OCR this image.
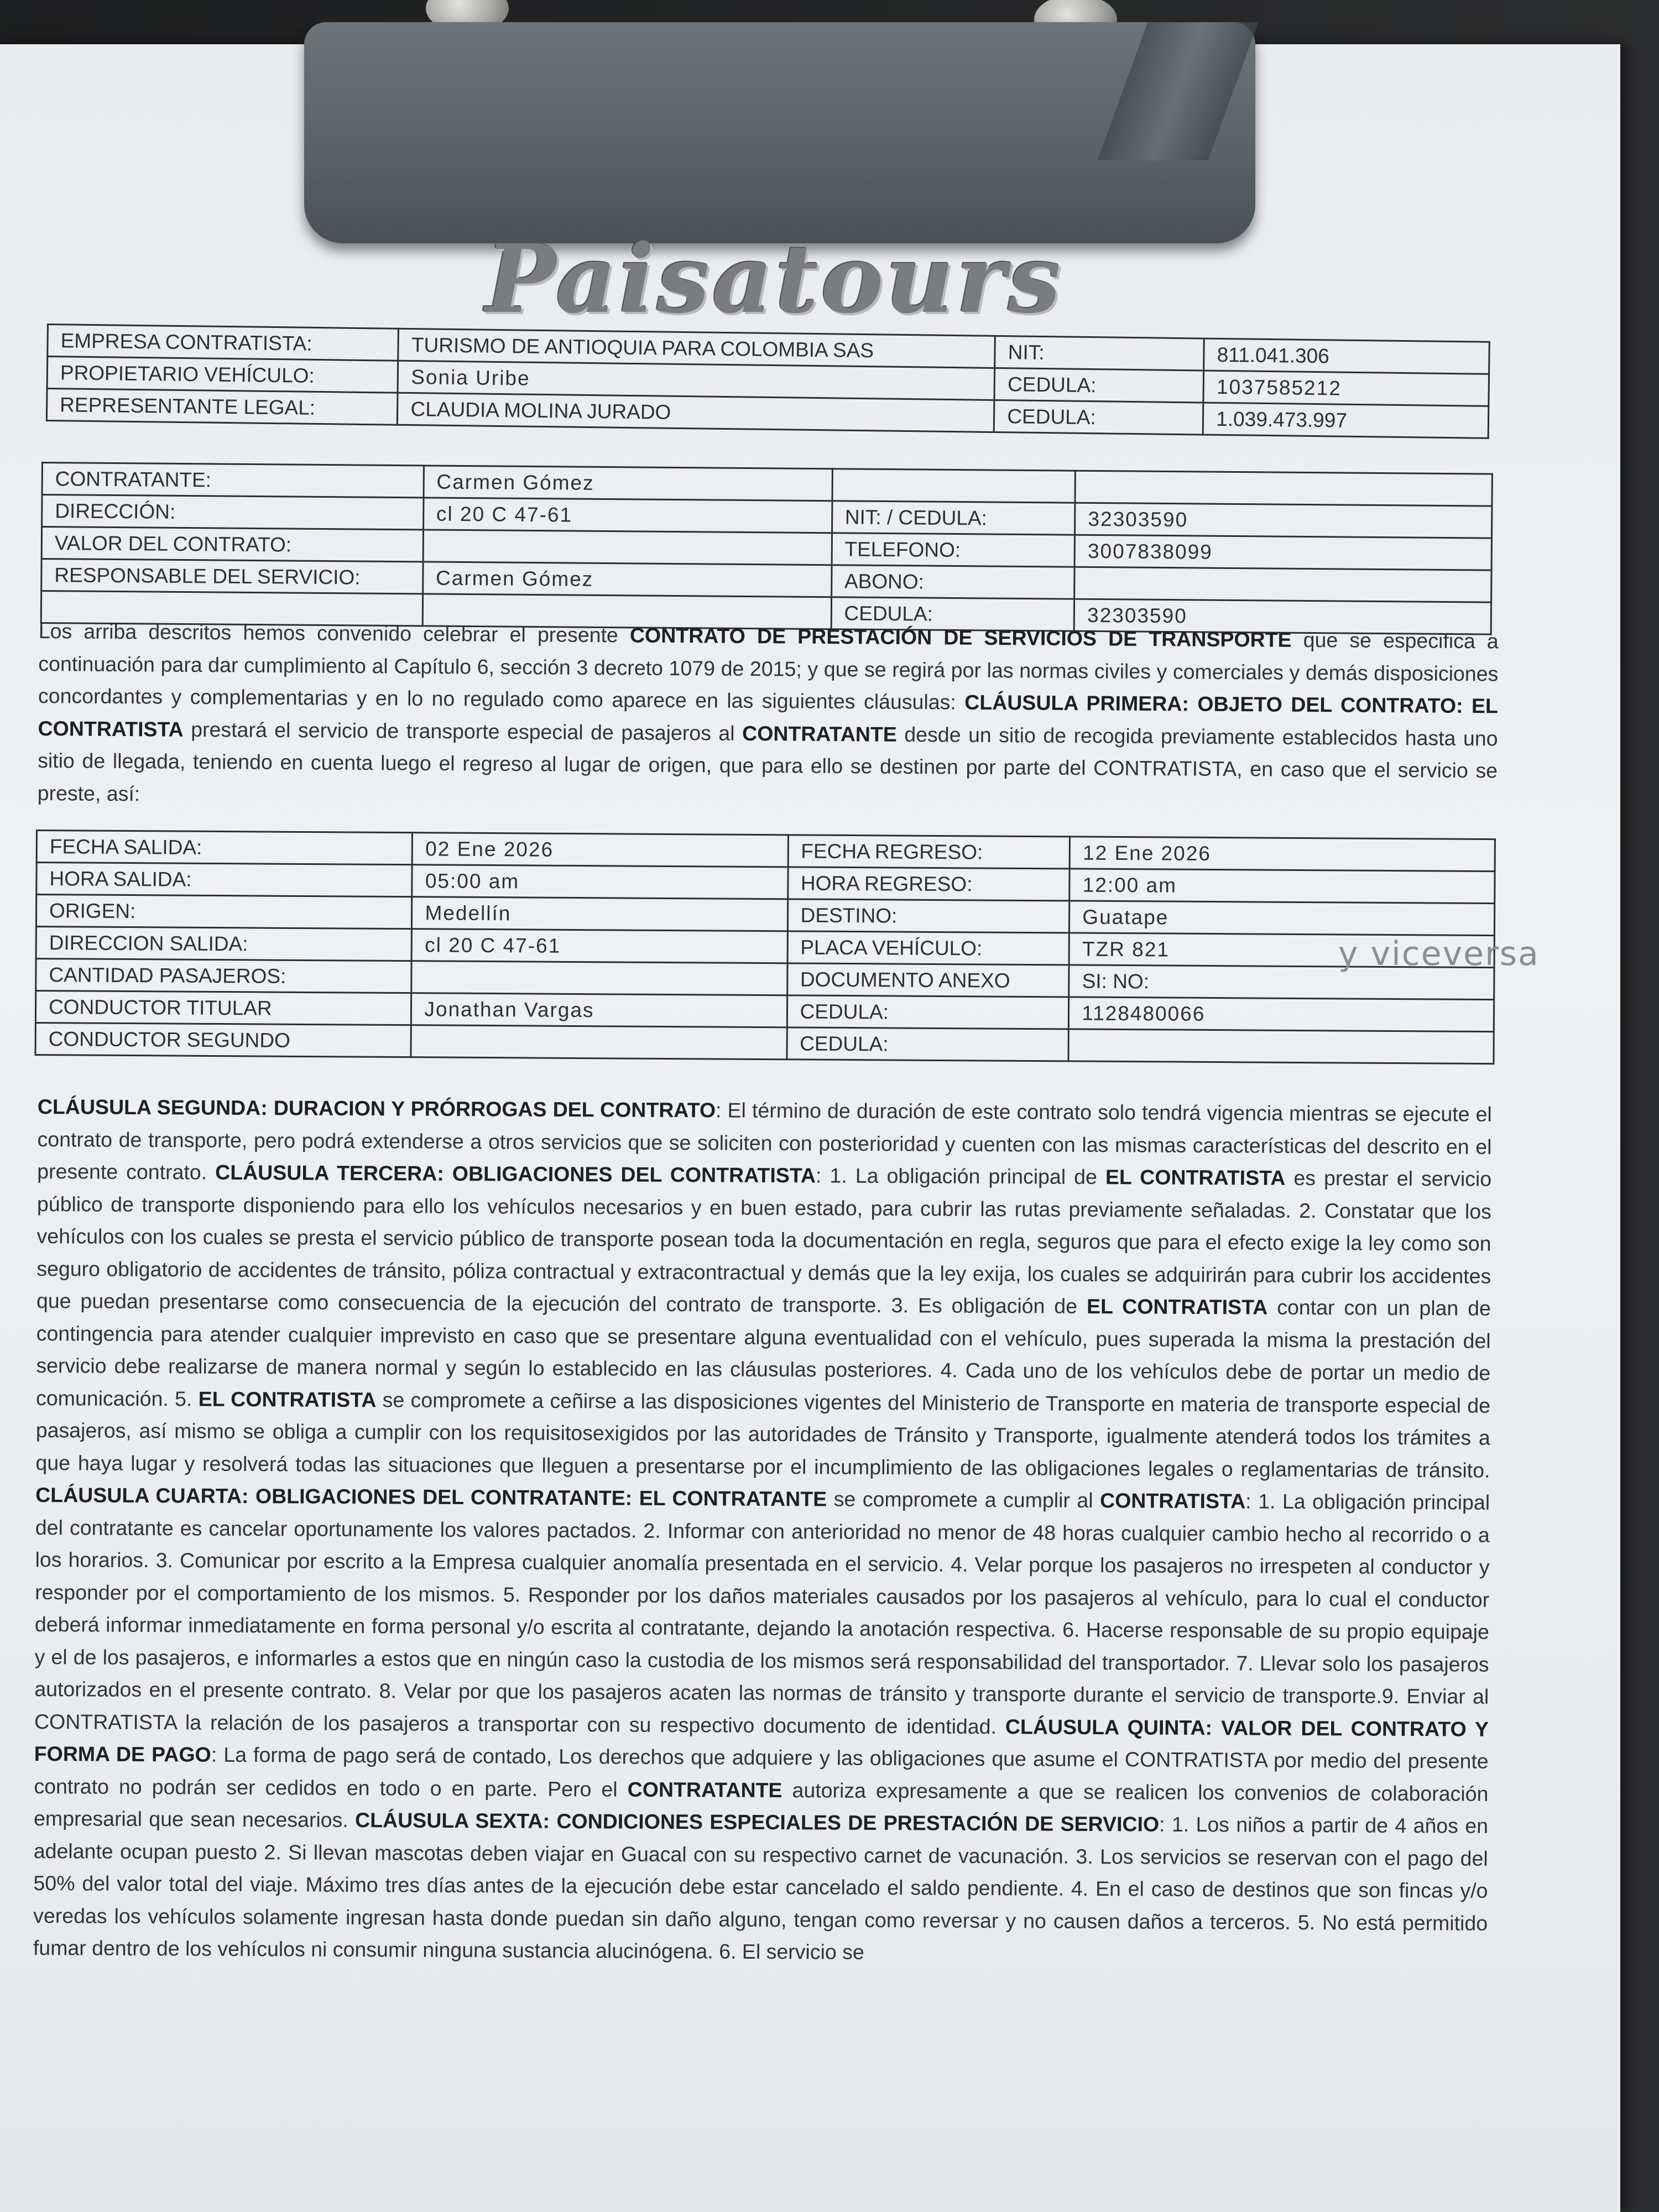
Paisatours
EMPRESA CONTRATISTA:	TURISMO DE ANTIOQUIA PARA COLOMBIA SAS	NIT:	811.041.306
PROPIETARIO VEHÍCULO:	Sonia Uribe	CEDULA:	1037585212
REPRESENTANTE LEGAL:	CLAUDIA MOLINA JURADO	CEDULA:	1.039.473.997
CONTRATANTE:	Carmen Gómez		
DIRECCIÓN:	cl 20 C 47-61	NIT: / CEDULA:	32303590
VALOR DEL CONTRATO:		TELEFONO:	3007838099
RESPONSABLE DEL SERVICIO:	Carmen Gómez	ABONO:	
		CEDULA:	32303590
Los arriba descritos hemos convenido celebrar el presente CONTRATO DE PRESTACIÓN DE SERVICIOS DE TRANSPORTE que se especifica a continuación para dar cumplimiento al Capítulo 6, sección 3 decreto 1079 de 2015; y que se regirá por las normas civiles y comerciales y demás disposiciones concordantes y complementarias y en lo no regulado como aparece en las siguientes cláusulas: CLÁUSULA PRIMERA: OBJETO DEL CONTRATO: EL CONTRATISTA prestará el servicio de transporte especial de pasajeros al CONTRATANTE desde un sitio de recogida previamente establecidos hasta uno sitio de llegada, teniendo en cuenta luego el regreso al lugar de origen, que para ello se destinen por parte del CONTRATISTA, en caso que el servicio se preste, así:
FECHA SALIDA:	02 Ene 2026	FECHA REGRESO:	12 Ene 2026
HORA SALIDA:	05:00 am	HORA REGRESO:	12:00 am
ORIGEN:	Medellín	DESTINO:	Guatape
DIRECCION SALIDA:	cl 20 C 47-61	PLACA VEHÍCULO:	TZR 821
CANTIDAD PASAJEROS:		DOCUMENTO ANEXO	SI: NO:
CONDUCTOR TITULAR	Jonathan Vargas	CEDULA:	1128480066
CONDUCTOR SEGUNDO		CEDULA:	
y viceversa
CLÁUSULA SEGUNDA: DURACION Y PRÓRROGAS DEL CONTRATO: El término de duración de este contrato solo tendrá vigencia mientras se ejecute el contrato de transporte, pero podrá extenderse a otros servicios que se soliciten con posterioridad y cuenten con las mismas características del descrito en el presente contrato. CLÁUSULA TERCERA: OBLIGACIONES DEL CONTRATISTA: 1. La obligación principal de EL CONTRATISTA es prestar el servicio público de transporte disponiendo para ello los vehículos necesarios y en buen estado, para cubrir las rutas previamente señaladas. 2. Constatar que los vehículos con los cuales se presta el servicio público de transporte posean toda la documentación en regla, seguros que para el efecto exige la ley como son seguro obligatorio de accidentes de tránsito, póliza contractual y extracontractual y demás que la ley exija, los cuales se adquirirán para cubrir los accidentes que puedan presentarse como consecuencia de la ejecución del contrato de transporte. 3. Es obligación de EL CONTRATISTA contar con un plan de contingencia para atender cualquier imprevisto en caso que se presentare alguna eventualidad con el vehículo, pues superada la misma la prestación del servicio debe realizarse de manera normal y según lo establecido en las cláusulas posteriores. 4. Cada uno de los vehículos debe de portar un medio de comunicación. 5. EL CONTRATISTA se compromete a ceñirse a las disposiciones vigentes del Ministerio de Transporte en materia de transporte especial de pasajeros, así mismo se obliga a cumplir con los requisitosexigidos por las autoridades de Tránsito y Transporte, igualmente atenderá todos los trámites a que haya lugar y resolverá todas las situaciones que lleguen a presentarse por el incumplimiento de las obligaciones legales o reglamentarias de tránsito. CLÁUSULA CUARTA: OBLIGACIONES DEL CONTRATANTE: EL CONTRATANTE se compromete a cumplir al CONTRATISTA: 1. La obligación principal del contratante es cancelar oportunamente los valores pactados. 2. Informar con anterioridad no menor de 48 horas cualquier cambio hecho al recorrido o a los horarios. 3. Comunicar por escrito a la Empresa cualquier anomalía presentada en el servicio. 4. Velar porque los pasajeros no irrespeten al conductor y responder por el comportamiento de los mismos. 5. Responder por los daños materiales causados por los pasajeros al vehículo, para lo cual el conductor deberá informar inmediatamente en forma personal y/o escrita al contratante, dejando la anotación respectiva. 6. Hacerse responsable de su propio equipaje y el de los pasajeros, e informarles a estos que en ningún caso la custodia de los mismos será responsabilidad del transportador. 7. Llevar solo los pasajeros autorizados en el presente contrato. 8. Velar por que los pasajeros acaten las normas de tránsito y transporte durante el servicio de transporte.9. Enviar al CONTRATISTA la relación de los pasajeros a transportar con su respectivo documento de identidad. CLÁUSULA QUINTA: VALOR DEL CONTRATO Y FORMA DE PAGO: La forma de pago será de contado, Los derechos que adquiere y las obligaciones que asume el CONTRATISTA por medio del presente contrato no podrán ser cedidos en todo o en parte. Pero el CONTRATANTE autoriza expresamente a que se realicen los convenios de colaboración empresarial que sean necesarios. CLÁUSULA SEXTA: CONDICIONES ESPECIALES DE PRESTACIÓN DE SERVICIO: 1. Los niños a partir de 4 años en adelante ocupan puesto 2. Si llevan mascotas deben viajar en Guacal con su respectivo carnet de vacunación. 3. Los servicios se reservan con el pago del 50% del valor total del viaje. Máximo tres días antes de la ejecución debe estar cancelado el saldo pendiente. 4. En el caso de destinos que son fincas y/o veredas los vehículos solamente ingresan hasta donde puedan sin daño alguno, tengan como reversar y no causen daños a terceros. 5. No está permitido fumar dentro de los vehículos ni consumir ninguna sustancia alucinógena. 6. El servicio se
